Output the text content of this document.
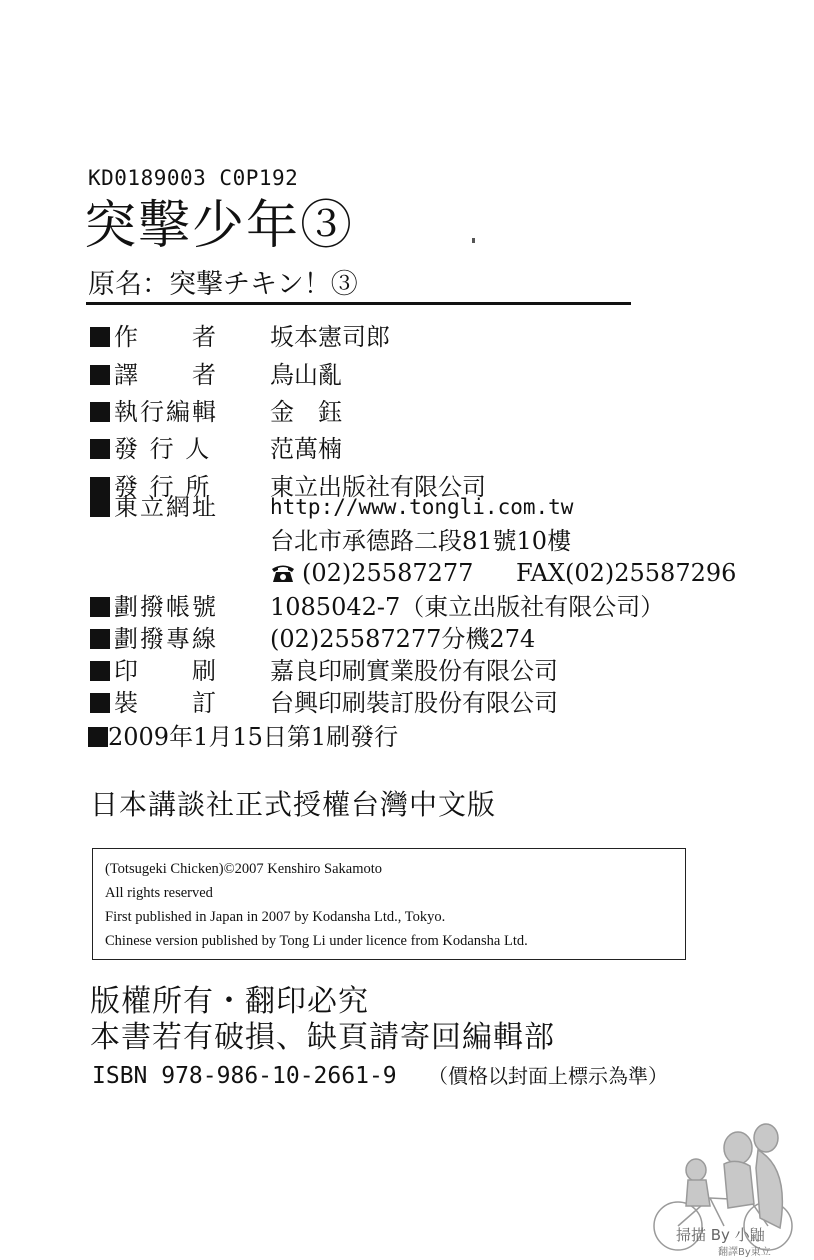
KD0189003 C0P192
突擊少年③
原名：突撃チキン！③
作　　者 坂本憲司郎
譯　　者 鳥山亂
執行編輯 金　鈺
發 行 人 范萬楠
發 行 所 東立出版社有限公司
東立網址 http://www.tongli.com.tw
台北市承德路二段81號10樓
(02)25587277 FAX(02)25587296
劃撥帳號 1085042-7（東立出版社有限公司）
劃撥專線 (02)25587277分機274
印　　刷 嘉良印刷實業股份有限公司
裝　　訂 台興印刷裝訂股份有限公司
2009年1月15日第1刷發行
日本講談社正式授權台灣中文版
(Totsugeki Chicken)©2007 Kenshiro Sakamoto
All rights reserved
First published in Japan in 2007 by Kodansha Ltd., Tokyo.
Chinese version published by Tong Li under licence from Kodansha Ltd.
版權所有・翻印必究
本書若有破損、缺頁請寄回編輯部
ISBN 978-986-10-2661-9 （價格以封面上標示為準）
掃描 By 小鼬
翻譯By東立
